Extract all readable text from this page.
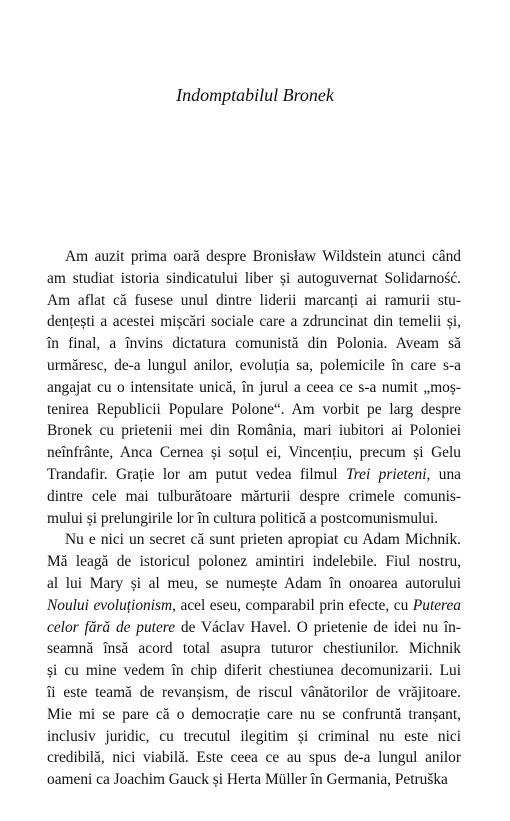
Indomptabilul Bronek
Am auzit prima oară despre Bronisław Wildstein atunci când
am studiat istoria sindicatului liber și autoguvernat Solidarność.
Am aflat că fusese unul dintre liderii marcanți ai ramurii stu-
dențești a acestei mișcări sociale care a zdruncinat din temelii și,
în final, a învins dictatura comunistă din Polonia. Aveam să
urmăresc, de-a lungul anilor, evoluția sa, polemicile în care s-a
angajat cu o intensitate unică, în jurul a ceea ce s-a numit „moș-
tenirea Republicii Populare Polone“. Am vorbit pe larg despre
Bronek cu prietenii mei din România, mari iubitori ai Poloniei
neînfrânte, Anca Cernea și soțul ei, Vincențiu, precum și Gelu
Trandafir. Grație lor am putut vedea filmul Trei prieteni, una
dintre cele mai tulburătoare mărturii despre crimele comunis-
mului și prelungirile lor în cultura politică a postcomunismului.
Nu e nici un secret că sunt prieten apropiat cu Adam Michnik.
Mă leagă de istoricul polonez amintiri indelebile. Fiul nostru,
al lui Mary și al meu, se numește Adam în onoarea autorului
Noului evoluționism, acel eseu, comparabil prin efecte, cu Puterea
celor fără de putere de Václav Havel. O prietenie de idei nu în-
seamnă însă acord total asupra tuturor chestiunilor. Michnik
și cu mine vedem în chip diferit chestiunea decomunizarii. Lui
îi este teamă de revanșism, de riscul vânătorilor de vrăjitoare.
Mie mi se pare că o democrație care nu se confruntă tranșant,
inclusiv juridic, cu trecutul ilegitim și criminal nu este nici
credibilă, nici viabilă. Este ceea ce au spus de-a lungul anilor
oameni ca Joachim Gauck și Herta Müller în Germania, Petruška
